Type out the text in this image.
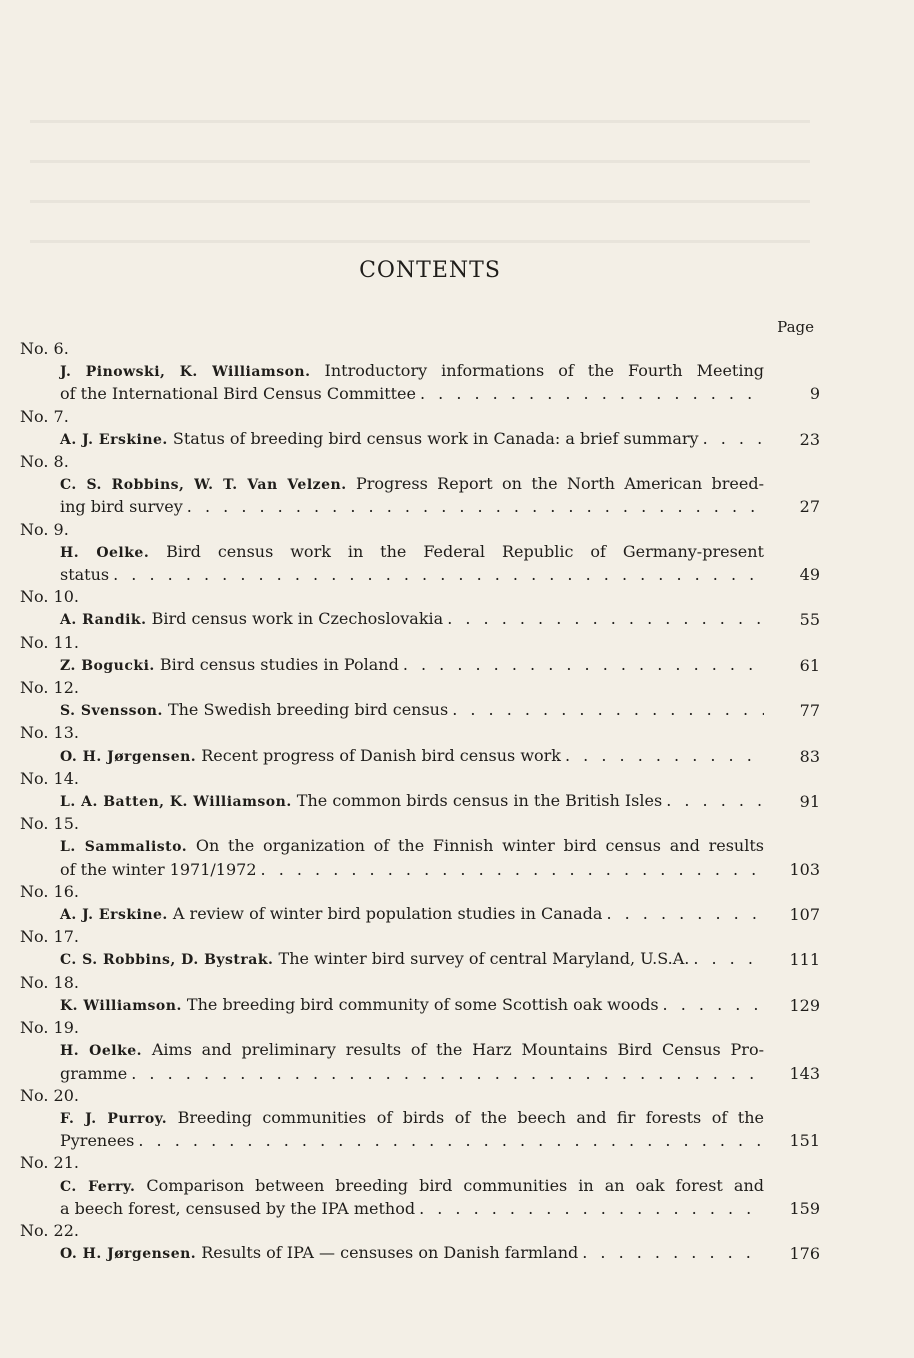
CONTENTS
Page
No. 6.
J. Pinowski, K. Williamson. Introductory informations of the Fourth Meeting
of the International Bird Census Committee . . .	9
No. 7.
A. J. Erskine.
Status of breeding bird census work in Canada: a brief summary . . .	23
No. 8.
C. S. Robbins, W. T. Van Velzen. Progress Report on the North American breed-
ing bird survey . . .	27
No. 9.
H. Oelke. Bird census work in the Federal Republic of Germany-present
status . . .	49
No. 10.
A. Randik.
Bird census work in Czechoslovakia . . .	55
No. 11.
Z. Bogucki.
Bird census studies in Poland . . .	61
No. 12.
S. Svensson.
The Swedish breeding bird census . . .	77
No. 13.
O. H. Jørgensen.
Recent progress of Danish bird census work . . .	83
No. 14.
L. A. Batten, K. Williamson.
The common birds census in the British Isles . . .	91
No. 15.
L. Sammalisto. On the organization of the Finnish winter bird census and results
of the winter 1971/1972 . . .	103
No. 16.
A. J. Erskine.
A review of winter bird population studies in Canada . . .	107
No. 17.
C. S. Robbins, D. Bystrak.
The winter bird survey of central Maryland, U.S.A. . . .	111
No. 18.
K. Williamson.
The breeding bird community of some Scottish oak woods . . .	129
No. 19.
H. Oelke. Aims and preliminary results of the Harz Mountains Bird Census Pro-
gramme . . .	143
No. 20.
F. J. Purroy. Breeding communities of birds of the beech and fir forests of the
Pyrenees . . .	151
No. 21.
C. Ferry. Comparison between breeding bird communities in an oak forest and
a beech forest, censused by the IPA method . . .	159
No. 22.
O. H. Jørgensen.
Results of IPA — censuses on Danish farmland . . .	176
